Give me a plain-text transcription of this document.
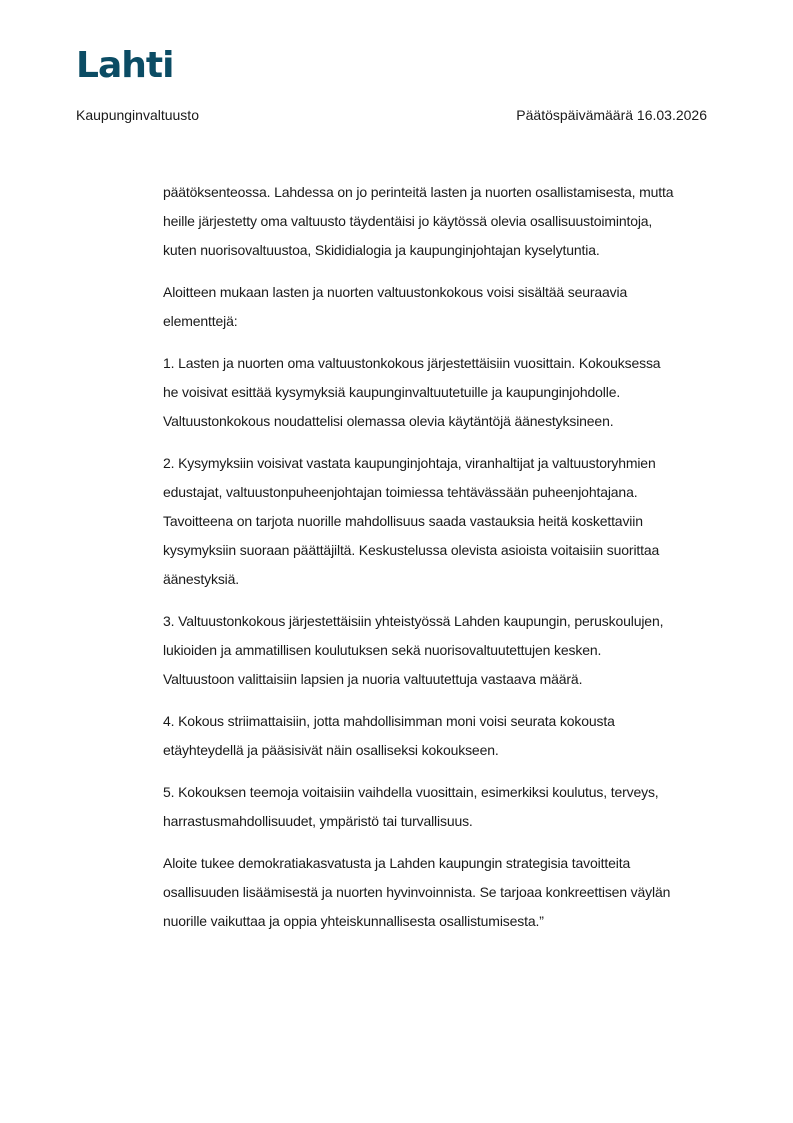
Lahti
Kaupunginvaltuusto	Päätöspäivämäärä 16.03.2026

päätöksenteossa. Lahdessa on jo perinteitä lasten ja nuorten osallistamisesta, mutta
heille järjestetty oma valtuusto täydentäisi jo käytössä olevia osallisuustoimintoja,
kuten nuorisovaltuustoa, Skididialogia ja kaupunginjohtajan kyselytuntia.

Aloitteen mukaan lasten ja nuorten valtuustonkokous voisi sisältää seuraavia
elementtejä:

1. Lasten ja nuorten oma valtuustonkokous järjestettäisiin vuosittain. Kokouksessa
he voisivat esittää kysymyksiä kaupunginvaltuutetuille ja kaupunginjohdolle.
Valtuustonkokous noudattelisi olemassa olevia käytäntöjä äänestyksineen.

2. Kysymyksiin voisivat vastata kaupunginjohtaja, viranhaltijat ja valtuustoryhmien
edustajat, valtuustonpuheenjohtajan toimiessa tehtävässään puheenjohtajana.
Tavoitteena on tarjota nuorille mahdollisuus saada vastauksia heitä koskettaviin
kysymyksiin suoraan päättäjiltä. Keskustelussa olevista asioista voitaisiin suorittaa
äänestyksiä.

3. Valtuustonkokous järjestettäisiin yhteistyössä Lahden kaupungin, peruskoulujen,
lukioiden ja ammatillisen koulutuksen sekä nuorisovaltuutettujen kesken.
Valtuustoon valittaisiin lapsien ja nuoria valtuutettuja vastaava määrä.

4. Kokous striimattaisiin, jotta mahdollisimman moni voisi seurata kokousta
etäyhteydellä ja pääsisivät näin osalliseksi kokoukseen.

5. Kokouksen teemoja voitaisiin vaihdella vuosittain, esimerkiksi koulutus, terveys,
harrastusmahdollisuudet, ympäristö tai turvallisuus.

Aloite tukee demokratiakasvatusta ja Lahden kaupungin strategisia tavoitteita
osallisuuden lisäämisestä ja nuorten hyvinvoinnista. Se tarjoaa konkreettisen väylän
nuorille vaikuttaa ja oppia yhteiskunnallisesta osallistumisesta.”
